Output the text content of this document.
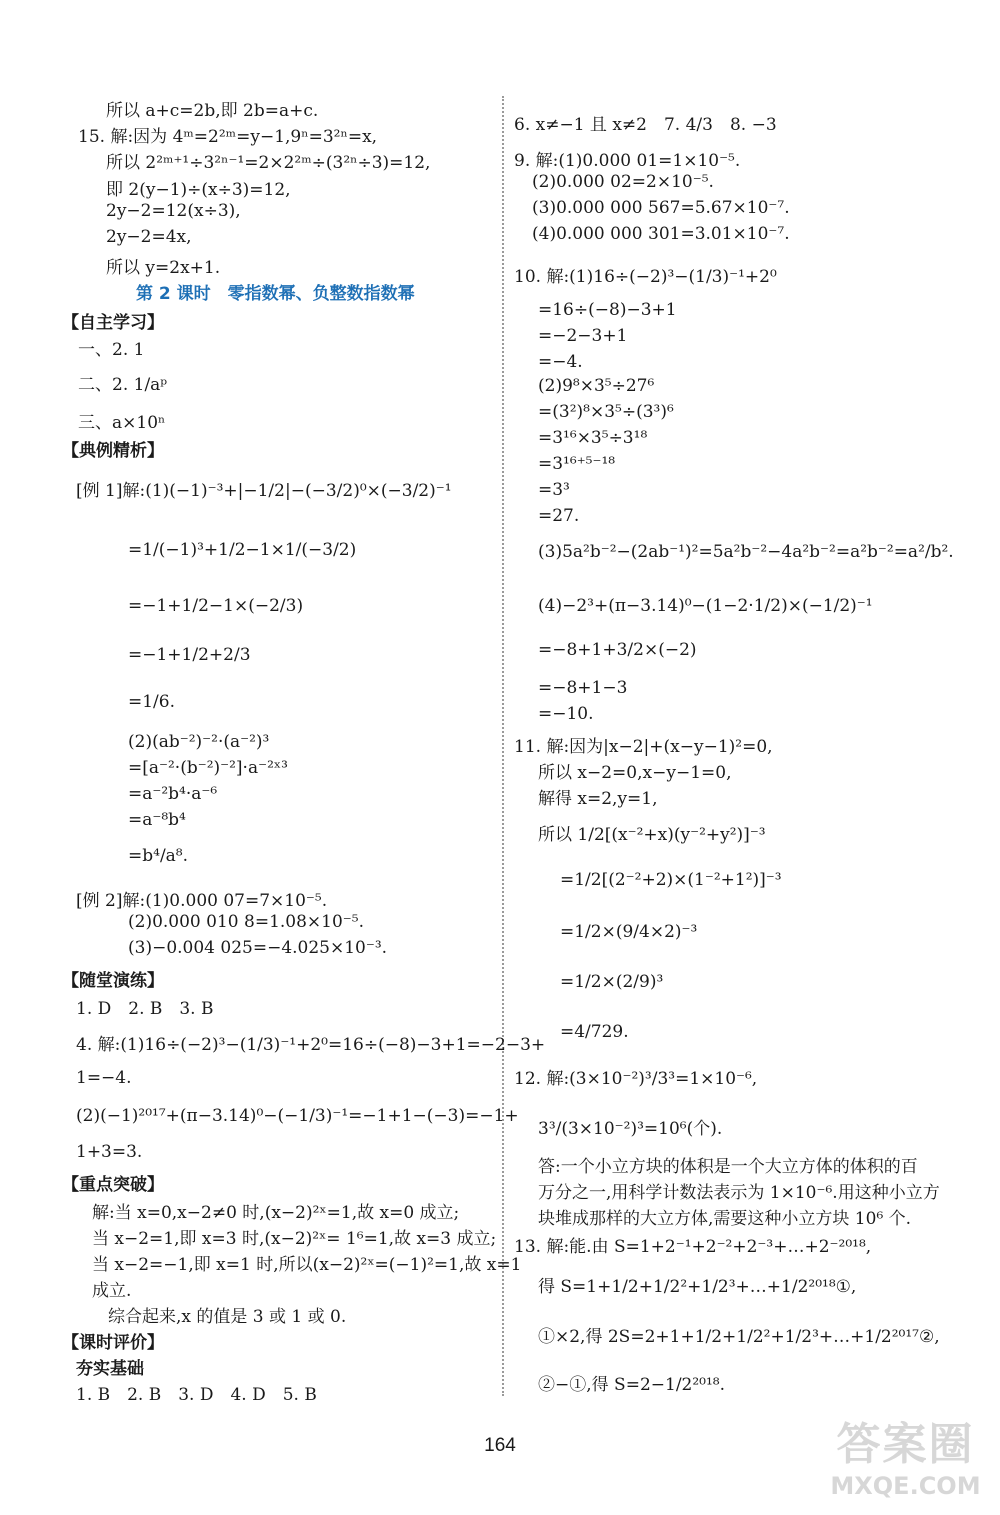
所以 a+c=2b,即 2b=a+c.
15. 解:因为 4ᵐ=2²ᵐ=y−1,9ⁿ=3²ⁿ=x,
所以 2²ᵐ⁺¹÷3²ⁿ⁻¹=2×2²ᵐ÷(3²ⁿ÷3)=12,
即 2(y−1)÷(x÷3)=12,
2y−2=12(x÷3),
2y−2=4x,
所以 y=2x+1.
第 2 课时　零指数幂、负整数指数幂
【自主学习】
一、2. 1
二、2. 1/aᵖ
三、a×10ⁿ
【典例精析】
[例 1]解:(1)(−1)⁻³+|−1/2|−(−3/2)⁰×(−3/2)⁻¹
=1/(−1)³+1/2−1×1/(−3/2)
=−1+1/2−1×(−2/3)
=−1+1/2+2/3
=1/6.
(2)(ab⁻²)⁻²·(a⁻²)³
=[a⁻²·(b⁻²)⁻²]·a⁻²ˣ³
=a⁻²b⁴·a⁻⁶
=a⁻⁸b⁴
=b⁴/a⁸.
[例 2]解:(1)0.000 07=7×10⁻⁵.
(2)0.000 010 8=1.08×10⁻⁵.
(3)−0.004 025=−4.025×10⁻³.
【随堂演练】
1. D　2. B　3. B
4. 解:(1)16÷(−2)³−(1/3)⁻¹+2⁰=16÷(−8)−3+1=−2−3+
1=−4.
(2)(−1)²⁰¹⁷+(π−3.14)⁰−(−1/3)⁻¹=−1+1−(−3)=−1+
1+3=3.
【重点突破】
解:当 x=0,x−2≠0 时,(x−2)²ˣ=1,故 x=0 成立;
当 x−2=1,即 x=3 时,(x−2)²ˣ= 1⁶=1,故 x=3 成立;
当 x−2=−1,即 x=1 时,所以(x−2)²ˣ=(−1)²=1,故 x=1
成立.
综合起来,x 的值是 3 或 1 或 0.
【课时评价】
夯实基础
1. B　2. B　3. D　4. D　5. B
6. x≠−1 且 x≠2　7. 4/3　8. −3
9. 解:(1)0.000 01=1×10⁻⁵.
(2)0.000 02=2×10⁻⁵.
(3)0.000 000 567=5.67×10⁻⁷.
(4)0.000 000 301=3.01×10⁻⁷.
10. 解:(1)16÷(−2)³−(1/3)⁻¹+2⁰
=16÷(−8)−3+1
=−2−3+1
=−4.
(2)9⁸×3⁵÷27⁶
=(3²)⁸×3⁵÷(3³)⁶
=3¹⁶×3⁵÷3¹⁸
=3¹⁶⁺⁵⁻¹⁸
=3³
=27.
(3)5a²b⁻²−(2ab⁻¹)²=5a²b⁻²−4a²b⁻²=a²b⁻²=a²/b².
(4)−2³+(π−3.14)⁰−(1−2·1/2)×(−1/2)⁻¹
=−8+1+3/2×(−2)
=−8+1−3
=−10.
11. 解:因为|x−2|+(x−y−1)²=0,
所以 x−2=0,x−y−1=0,
解得 x=2,y=1,
所以 1/2[(x⁻²+x)(y⁻²+y²)]⁻³
=1/2[(2⁻²+2)×(1⁻²+1²)]⁻³
=1/2×(9/4×2)⁻³
=1/2×(2/9)³
=4/729.
12. 解:(3×10⁻²)³/3³=1×10⁻⁶,
3³/(3×10⁻²)³=10⁶(个).
答:一个小立方块的体积是一个大立方体的体积的百
万分之一,用科学计数法表示为 1×10⁻⁶.用这种小立方
块堆成那样的大立方体,需要这种小立方块 10⁶ 个.
13. 解:能.由 S=1+2⁻¹+2⁻²+2⁻³+…+2⁻²⁰¹⁸,
得 S=1+1/2+1/2²+1/2³+…+1/2²⁰¹⁸①,
①×2,得 2S=2+1+1/2+1/2²+1/2³+…+1/2²⁰¹⁷②,
②−①,得 S=2−1/2²⁰¹⁸.
164	答案圈
MXQE.COM
